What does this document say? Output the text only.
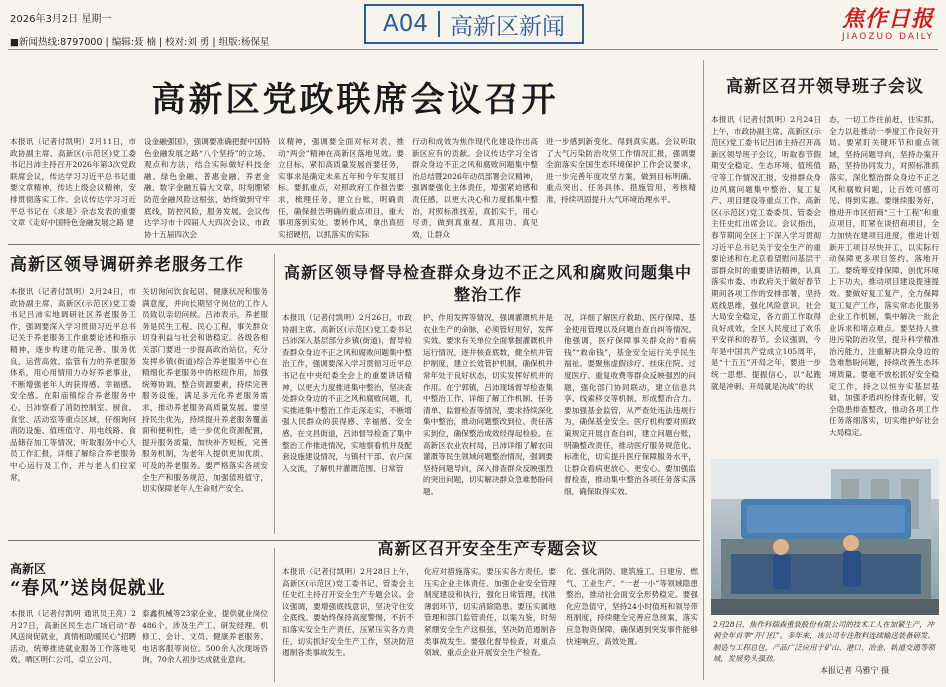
2026年3月2日 星期一
■新闻热线:8797000 | 编辑:聂 楠 | 校对:刘 勇 | 组版:杨保星
A04 高新区新闻	焦作日报
JIAOZUO DAILY
高新区党政联席会议召开
本报讯（记者付凯明）2月11日，市政协副主席、高新区(示范区)党工委书记吕沛主持召开2026年第3次党政联席会议，传达学习习近平总书记重要文章精神，传达上级会议精神，安排贯彻落实工作。会议传达学习习近平总书记在《求是》杂志发表的重要文章《走好中国特色金融发展之路 建
设金融强国》，强调要准确把握中国特色金融发展之路“八个坚持”的立场、观点和方法，结合实际做好科技金融、绿色金融、普惠金融、养老金融、数字金融五篇大文章，时刻绷紧防范金融风险这根弦，始终做到守牢底线，防控风险，服务发展。会议传达学习市十四届人大四次会议、市政协十五届四次会
议精神，强调要全面对标对表，推动“两会”精神在高新区落地见效。要立目标，紧扣高质量发展首要任务，实事求是确定未来五年和今年发展目标。要抓重点，对照政府工作报告要求，梳理任务，建立台账，明确责任，确保报告明确的重点项目、重大事项落到实处。要转作风，拿出真招实招硬招，以抓落实的实际
行动和成效为焦作现代化建设作出高新区应有的贡献。会议传达学习全省群众身边不正之风和腐败问题集中整治总结暨2026年动员部署会议精神，强调要强化主体责任，增强紧迫感和责任感，以更大决心和力度抓集中整治，对照标准找差，真抓实干，用心尽责，做到真重视、真用功、真见效，让群众
进一步感到新变化、得到真实惠。会议听取了大气污染防治攻坚工作情况汇报，强调要全面落实全国生态环境保护工作会议要求，进一步完善年度攻坚方案，做到目标明确、重点突出、任务具体、措施管用，考核精准，持续巩固提升大气环境治理水平。
高新区召开领导班子会议
本报讯（记者付凯明）2月24日上午，市政协副主席、高新区(示范区)党工委书记吕沛主持召开高新区领导班子会议，听取春节假期安全稳定、生态环境、值班值守等工作情况汇报，安排群众身边风腐问题集中整治、复工复产、项目建设等重点工作。高新区(示范区)党工委委员、管委会主任史红出席会议。会议指出，春节期间全区上下深入学习贯彻习近平总书记关于安全生产的重要论述和在北京看望慰问基层干部群众时的重要讲话精神，认真落实市委、市政府关于做好春节期间各项工作的安排部署，坚持底线思维，强化风险意识，社会大局安全稳定，各方面工作取得良好成效，全区人民度过了欢乐平安祥和的春节。会议强调，今年是中国共产党成立105周年，是“十五五”开局之年，要进一步统一思想、提振信心，以“起跑就是冲刺、开局就是决战”的状
态，一切工作往前赶、往实抓，全力以赴推动一季度工作良好开局。要紧盯关键环节和重点领域，坚持问题导向，坚持办案开路，坚持协同发力，对照标准抓落实，深化整治群众身边不正之风和腐败问题，让百姓可感可见、得到实惠。要继续服务好，推进开市区招商“三十工程”和重点项目，盯紧在谈招商项目，全力加快在建项目进度，推进计划新开工项目尽快开工，以实际行动保障更多项目签约、落地开工。要统筹安排保障、创优环境上下功夫，推动项目建设提速提效。要做好复工复产，全力保障复工复产工作，落实常态化服务企业工作机制，集中解决一批企业诉求和堵点难点。要坚持人推进污染防治攻坚，提升科学精准治污能力，注重解决群众身边的急难愁盼问题，持续改善生态环境质量。要毫不放松抓好安全稳定工作，持之以恒夯实基层基础，加强矛盾纠纷排查化解，安全隐患排查整改，推动各项工作任务落细落实，切实维护好社会大局稳定。
2月28日，焦作科瑞森重装股份有限公司的技术工人在加紧生产，冲刺全年首季“开门红”。多年来，该公司专注散料连续输送装备研发、制造与工程总包，产品广泛应用于矿山、港口、冶金、轨道交通等领域，发展势头强劲。
本报记者 马雅宁 摄
高新区领导调研养老服务工作
本报讯（记者付凯明）2月24日，市政协副主席、高新区(示范区)党工委书记吕沛实地调研社区养老服务工作，强调要深入学习贯彻习近平总书记关于养老服务工作重要论述和指示精神，逐步构建功能完善、服务优良、运营高效、监管有力的养老服务体系，用心用情用力办好养老事业，不断增强老年人的获得感、幸福感、安全感。在阳庙镇综合养老服务中心，吕沛察看了消防控制室、厨食、食堂、活动室等重点区域，仔细询问消防设施、值班值守、用电线路、食品储存加工等情况，听取服务中心人员工作汇报，详细了解综合养老服务中心运行及工作，并与老人们拉家常，
关切询问饮食起居、健康状况和服务满意度，并向长期坚守岗位的工作人员致以亲切问候。吕沛表示，养老服务是民生工程、民心工程，事关群众切身利益与社会和谐稳定。各级各相关部门要进一步提高政治站位，充分发挥乡镇(街道)综合养老服务中心在精细化养老服务中的枢纽作用，加强统筹协调，整合资源要素，持续完善服务设施，满足多元化养老服务需求，推动养老服务高质量发展。要坚持民生优先，持续提升养老服务覆盖面和便利性，进一步优化资源配置，提升服务质量，加快补齐短板，完善服务机制，为老年人提供更加优质、可及的养老服务。要严格落实各项安全生产和服务规范，加强值班值守，切实保障老年人生命财产安全。
高新区领导督导检查群众身边不正之风和腐败问题集中整治工作
本报讯（记者付凯明）2月26日，市政协副主席、高新区(示范区)党工委书记吕沛深入基层部分乡镇(街道)，督导检查群众身边不正之风和腐败问题集中整治工作，强调要深入学习贯彻习近平总书记在中央纪委全会上的重要讲话精神，以更大力度推进集中整治，坚决查处群众身边的不正之风和腐败问题，扎实推进集中整治工作走深走实，不断增强人民群众的获得感、幸福感、安全感。在文昌街道，吕沛督导检查了集中整治工作推进情况，实地察看机井及配套设施建设情况，与镇村干部、农户深入交流，了解机井灌溉范围、日常管
护、作用发挥等情况，强调灌溉机井是农业生产的命脉，必须管好用好，发挥实效。要求有关单位全面掌握灌溉机井运行情况，逐井核查底数，健全机井管护制度，建立长效管护机制，确保机井常年处于良好状态，切实发挥好机井的作用。在宁郭镇，吕沛现场督导检查集中整治工作，详细了解工作机制、任务清单、监督检查等情况，要求持续深化集中整治，推动问题整改到位、责任落实到位，确保整治成效经得起检验。在高新区农业农村局，吕沛详细了解农田灌溉等民生领域问题整治情况，强调要坚持问题导向，深入排查群众反映强烈的突出问题，切实解决群众急难愁盼问题。
况，详细了解医疗救助、医疗保障、基金使用管理以及问题自查自纠等情况。他强调，医疗保障事关群众的“看病钱”“救命钱”，基金安全运行关乎民生福祉。要聚焦虚假诊疗、挂床住院、过度医疗、重复收费等群众反映强烈的问题，强化部门协同联动，建立信息共享、线索移交等机制，形成整治合力。要加强基金监管，从严查处违法违规行为，确保基金安全。医疗机构要对照政策规定开展自查自纠，建立问题台账，明确整改责任，推动医疗服务规范化、标准化，切实提升医疗保障服务水平，让群众看病更放心、更安心。要加强监督检查，推动集中整治各项任务落实落细，确保取得实效。
高新区
“春风”送岗促就业
本报讯（记者付凯明 通讯员王亮）2月27日，高新区民生志广场启动“春风送岗促就业，真情相助暖民心”招聘活动，统筹推进就业服务工作落地见效。晒区明仁公司、卓立公司、
泰鑫机械等23家企业，提供就业岗位486个，涉及生产工、研发经理、机修工、会计、文员、健康养老服务、电话客服等岗位。500余人次现场咨询，70余人初步达成就业意向。
高新区召开安全生产专题会议
本报讯（记者付凯明）2月28日上午，高新区(示范区)党工委书记、管委会主任史红主持召开安全生产专题会议。会议强调，要增强底线意识，坚决守住安全底线。要始终保持高度警惕，不折不扣落实安全生产责任，压紧压实各方责任，切实抓好安全生产工作，坚决防范遏制各类事故发生。
化应对措施落实。要压实各方责任。要压实企业主体责任、加强企业安全管理制度建设和执行，强化日常管理，找准薄弱环节，切实消除隐患。要压实属地管理和部门监管责任，以案为鉴，时刻紧绷安全生产这根弦，坚决防范遏制各类事故发生。要强化督导检查，对重点领域、重点企业开展安全生产检查。
化、强化消防、建筑施工、日建房、燃气、工业生产、“一老一小”等领域隐患整治，推动社会面安全形势稳定。要强化应急值守，坚持24小时值班和领导带班制度，持续健全完善应急预案，落实应急物资保障，确保遇到突发事件能够快速响应、高效处置。
